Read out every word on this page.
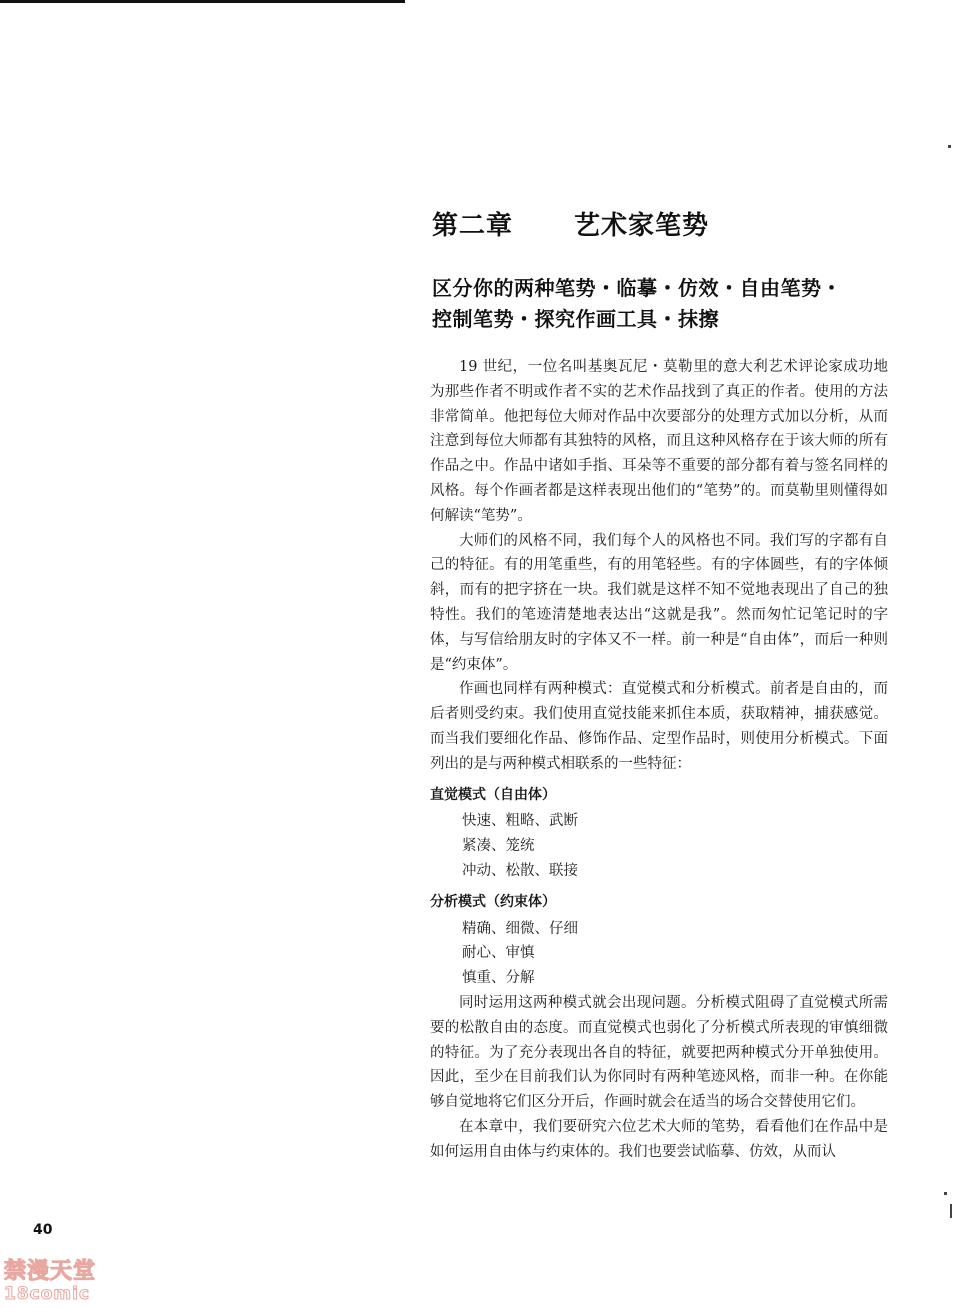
第二章 艺术家笔势
区分你的两种笔势・临摹・仿效・自由笔势・
控制笔势・探究作画工具・抹擦

19 世纪，一位名叫基奥瓦尼・莫勒里的意大利艺术评论家成功地为那些作者不明或作者不实的艺术作品找到了真正的作者。使用的方法非常简单。他把每位大师对作品中次要部分的处理方式加以分析，从而注意到每位大师都有其独特的风格，而且这种风格存在于该大师的所有作品之中。作品中诸如手指、耳朵等不重要的部分都有着与签名同样的风格。每个作画者都是这样表现出他们的“笔势”的。而莫勒里则懂得如何解读“笔势”。

大师们的风格不同，我们每个人的风格也不同。我们写的字都有自己的特征。有的用笔重些，有的用笔轻些。有的字体圆些，有的字体倾斜，而有的把字挤在一块。我们就是这样不知不觉地表现出了自己的独特性。我们的笔迹清楚地表达出“这就是我”。然而匆忙记笔记时的字体，与写信给朋友时的字体又不一样。前一种是“自由体”，而后一种则是“约束体”。

作画也同样有两种模式：直觉模式和分析模式。前者是自由的，而后者则受约束。我们使用直觉技能来抓住本质，获取精神，捕获感觉。而当我们要细化作品、修饰作品、定型作品时，则使用分析模式。下面列出的是与两种模式相联系的一些特征：

直觉模式（自由体）
快速、粗略、武断
紧凑、笼统
冲动、松散、联接
分析模式（约束体）
精确、细微、仔细
耐心、审慎
慎重、分解

同时运用这两种模式就会出现问题。分析模式阻碍了直觉模式所需要的松散自由的态度。而直觉模式也弱化了分析模式所表现的审慎细微的特征。为了充分表现出各自的特征，就要把两种模式分开单独使用。因此，至少在目前我们认为你同时有两种笔迹风格，而非一种。在你能够自觉地将它们区分开后，作画时就会在适当的场合交替使用它们。

在本章中，我们要研究六位艺术大师的笔势，看看他们在作品中是如何运用自由体与约束体的。我们也要尝试临摹、仿效，从而认

40
禁漫天堂
18comic
